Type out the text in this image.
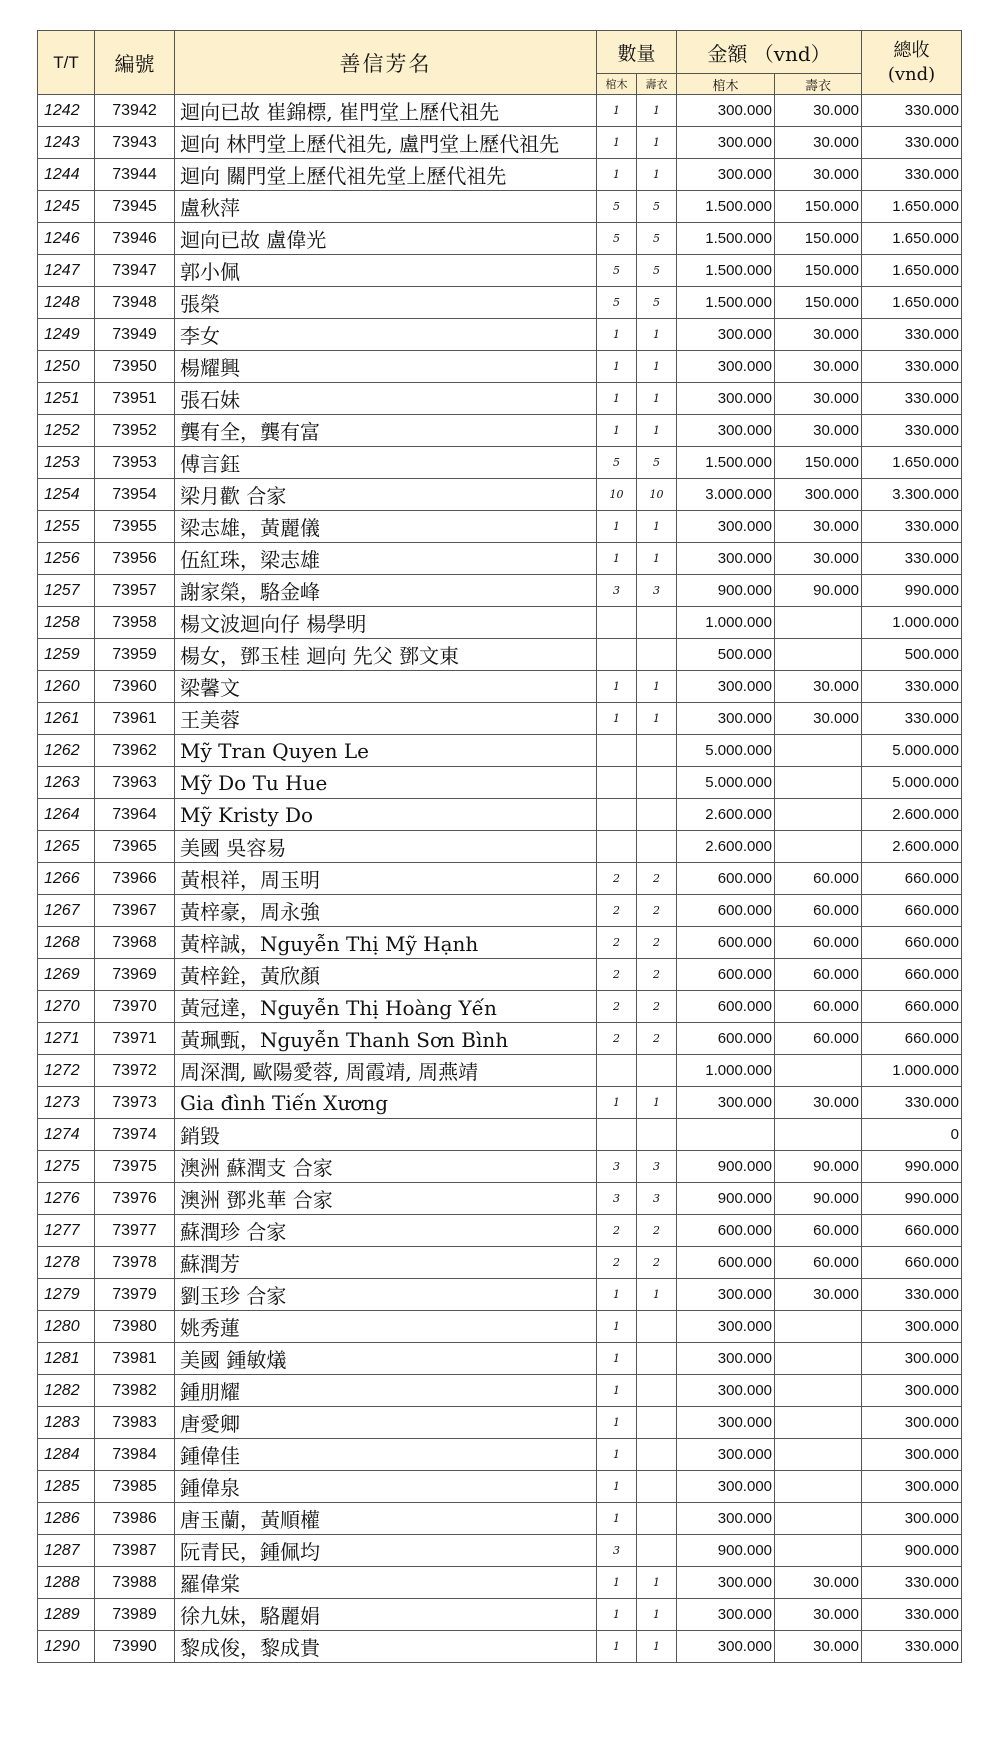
T/T	編號	善信芳名	數量		金額 （vnd）		總收
(vnd)

			棺木	壽衣	棺木	壽衣	
1242	73942	迴向已故 崔錦標, 崔門堂上歷代祖先	1	1	300.000	30.000	330.000
1243	73943	迴向 林門堂上歷代祖先, 盧門堂上歷代祖先	1	1	300.000	30.000	330.000
1244	73944	迴向 關門堂上歷代祖先堂上歷代祖先	1	1	300.000	30.000	330.000
1245	73945	盧秋萍	5	5	1.500.000	150.000	1.650.000
1246	73946	迴向已故 盧偉光	5	5	1.500.000	150.000	1.650.000
1247	73947	郭小佩	5	5	1.500.000	150.000	1.650.000
1248	73948	張榮	5	5	1.500.000	150.000	1.650.000
1249	73949	李女	1	1	300.000	30.000	330.000
1250	73950	楊耀興	1	1	300.000	30.000	330.000
1251	73951	張石妹	1	1	300.000	30.000	330.000
1252	73952	龔有全，龔有富	1	1	300.000	30.000	330.000
1253	73953	傅言鈺	5	5	1.500.000	150.000	1.650.000
1254	73954	梁月歡 合家	10	10	3.000.000	300.000	3.300.000
1255	73955	梁志雄，黃麗儀	1	1	300.000	30.000	330.000
1256	73956	伍紅珠，梁志雄	1	1	300.000	30.000	330.000
1257	73957	謝家榮，駱金峰	3	3	900.000	90.000	990.000
1258	73958	楊文波迴向仔 楊學明			1.000.000		1.000.000
1259	73959	楊女，鄧玉桂 迴向 先父 鄧文東			500.000		500.000
1260	73960	梁馨文	1	1	300.000	30.000	330.000
1261	73961	王美蓉	1	1	300.000	30.000	330.000
1262	73962	Mỹ Tran Quyen Le			5.000.000		5.000.000
1263	73963	Mỹ Do Tu Hue			5.000.000		5.000.000
1264	73964	Mỹ Kristy Do			2.600.000		2.600.000
1265	73965	美國 吳容易			2.600.000		2.600.000
1266	73966	黃根祥，周玉明	2	2	600.000	60.000	660.000
1267	73967	黃梓豪，周永強	2	2	600.000	60.000	660.000
1268	73968	黃梓誠，Nguyễn Thị Mỹ Hạnh	2	2	600.000	60.000	660.000
1269	73969	黃梓銓，黃欣顏	2	2	600.000	60.000	660.000
1270	73970	黃冠達，Nguyễn Thị Hoàng Yến	2	2	600.000	60.000	660.000
1271	73971	黃珮甄，Nguyễn Thanh Sơn Bình	2	2	600.000	60.000	660.000
1272	73972	周深潤, 歐陽愛蓉, 周霞靖, 周燕靖			1.000.000		1.000.000
1273	73973	Gia đình Tiến Xương	1	1	300.000	30.000	330.000
1274	73974	銷毀					0
1275	73975	澳洲 蘇潤支 合家	3	3	900.000	90.000	990.000
1276	73976	澳洲 鄧兆華 合家	3	3	900.000	90.000	990.000
1277	73977	蘇潤珍 合家	2	2	600.000	60.000	660.000
1278	73978	蘇潤芳	2	2	600.000	60.000	660.000
1279	73979	劉玉珍 合家	1	1	300.000	30.000	330.000
1280	73980	姚秀蓮	1		300.000		300.000
1281	73981	美國 鍾敏燨	1		300.000		300.000
1282	73982	鍾朋耀	1		300.000		300.000
1283	73983	唐愛卿	1		300.000		300.000
1284	73984	鍾偉佳	1		300.000		300.000
1285	73985	鍾偉泉	1		300.000		300.000
1286	73986	唐玉蘭，黃順權	1		300.000		300.000
1287	73987	阮青民，鍾佩均	3		900.000		900.000
1288	73988	羅偉棠	1	1	300.000	30.000	330.000
1289	73989	徐九妹，駱麗娟	1	1	300.000	30.000	330.000
1290	73990	黎成俊，黎成貴	1	1	300.000	30.000	330.000
